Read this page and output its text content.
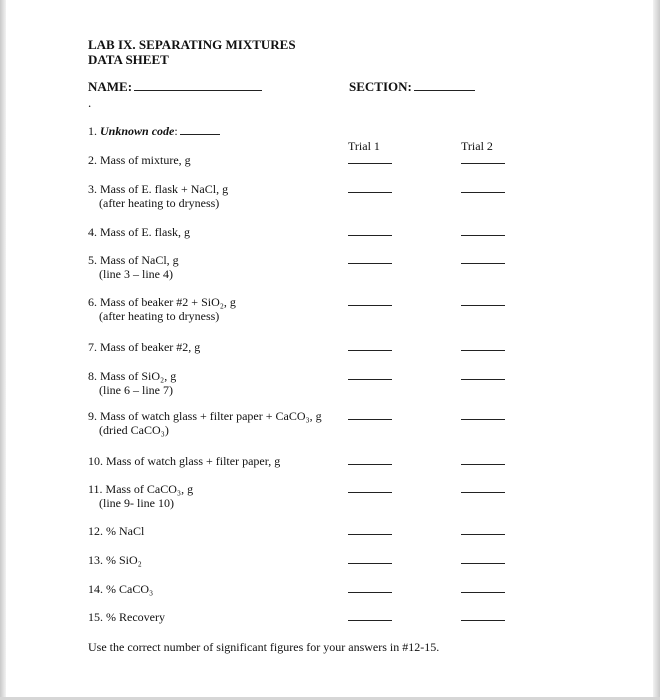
LAB IX. SEPARATING MIXTURES
DATA SHEET
NAME:	SECTION:
.
1. Unknown code:
Trial 1	Trial 2
2. Mass of mixture, g
3. Mass of E. flask + NaCl, g
(after heating to dryness)
4. Mass of E. flask, g
5. Mass of NaCl, g
(line 3 – line 4)
6. Mass of beaker #2 + SiO₂, g
(after heating to dryness)
7. Mass of beaker #2, g
8. Mass of SiO₂, g
(line 6 – line 7)
9. Mass of watch glass + filter paper + CaCO₃, g
(dried CaCO₃)
10. Mass of watch glass + filter paper, g
11. Mass of CaCO₃, g
(line 9- line 10)
12. % NaCl
13. % SiO₂
14. % CaCO₃
15. % Recovery
Use the correct number of significant figures for your answers in #12-15.
